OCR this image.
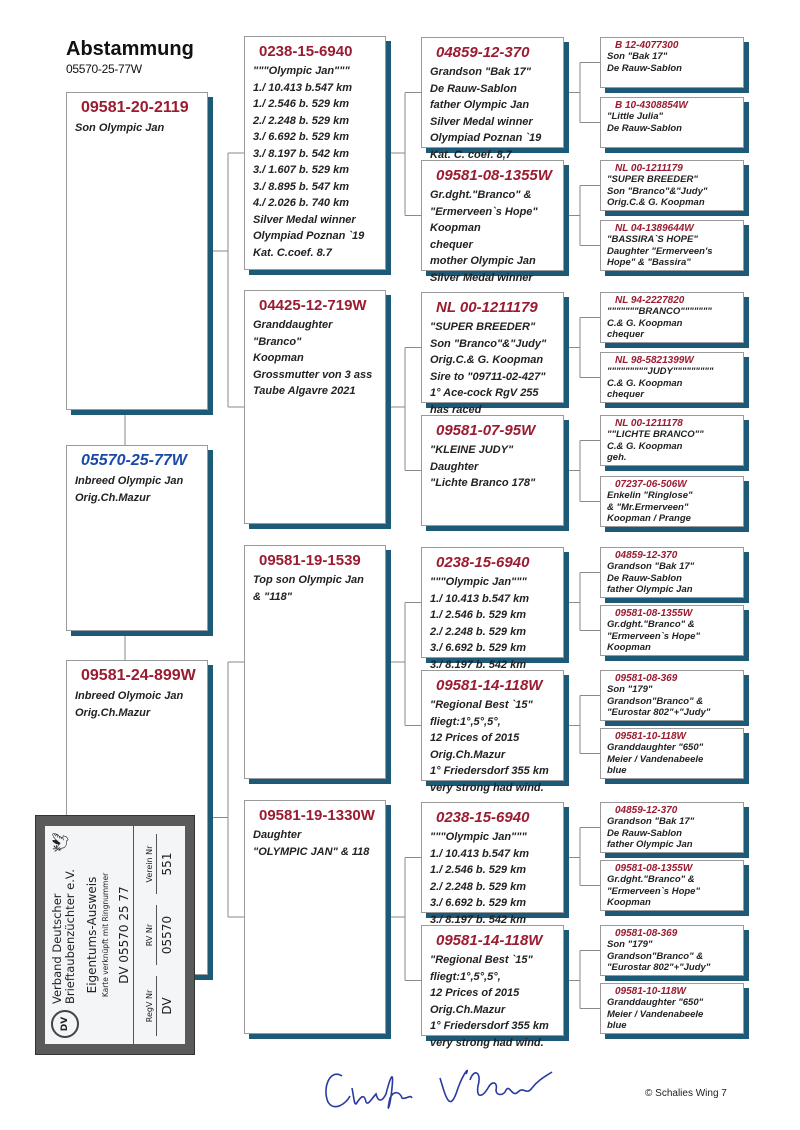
Abstammung
05570-25-77W
09581-20-2119
Son Olympic Jan
05570-25-77W
Inbreed Olympic Jan
Orig.Ch.Mazur
09581-24-899W
Inbreed Olymoic Jan
Orig.Ch.Mazur
0238-15-6940
"""Olympic Jan"""
1./ 10.413 b.547 km
1./ 2.546 b. 529 km
2./ 2.248 b. 529 km
3./ 6.692 b. 529 km
3./ 8.197 b. 542 km
3./ 1.607 b. 529 km
3./ 8.895 b. 547 km
4./ 2.026 b. 740 km
Silver Medal winner
Olympiad Poznan `19
Kat. C.coef. 8.7
04425-12-719W
Granddaughter
"Branco"
Koopman
Grossmutter von 3 ass
Taube Algavre 2021
09581-19-1539
Top son Olympic Jan
& "118"
09581-19-1330W
Daughter
"OLYMPIC JAN" & 118
04859-12-370
Grandson "Bak 17"
De Rauw-Sablon
father Olympic Jan
Silver Medal winner
Olympiad Poznan `19
Kat. C. coef. 8,7
09581-08-1355W
Gr.dght."Branco" &
"Ermerveen`s Hope"
Koopman
chequer
mother Olympic Jan
Silver Medal winner
NL 00-1211179
"SUPER BREEDER"
Son "Branco"&"Judy"
Orig.C.& G. Koopman
Sire to "09711-02-427"
1° Ace-cock RgV 255
has raced
09581-07-95W
"KLEINE JUDY"
Daughter
"Lichte Branco 178"
0238-15-6940
"""Olympic Jan"""
1./ 10.413 b.547 km
1./ 2.546 b. 529 km
2./ 2.248 b. 529 km
3./ 6.692 b. 529 km
3./ 8.197 b. 542 km
09581-14-118W
"Regional Best `15"
fliegt:1°,5°,5°,
12 Prices of 2015
Orig.Ch.Mazur
1° Friedersdorf 355 km
very strong had wind.
0238-15-6940
"""Olympic Jan"""
1./ 10.413 b.547 km
1./ 2.546 b. 529 km
2./ 2.248 b. 529 km
3./ 6.692 b. 529 km
3./ 8.197 b. 542 km
09581-14-118W
"Regional Best `15"
fliegt:1°,5°,5°,
12 Prices of 2015
Orig.Ch.Mazur
1° Friedersdorf 355 km
very strong had wind.
B 12-4077300
Son "Bak 17"
De Rauw-Sablon
B 10-4308854W
"Little Julia"
De Rauw-Sablon
NL 00-1211179
"SUPER BREEDER"
Son "Branco"&"Judy"
Orig.C.& G. Koopman
NL 04-1389644W
"BASSIRA`S HOPE"
Daughter "Ermerveen's
Hope" & "Bassira"
NL 94-2227820
"""""""BRANCO"""""""
C.& G. Koopman
chequer
NL 98-5821399W
"""""""""JUDY"""""""""
C.& G. Koopman
chequer
NL 00-1211178
""LICHTE BRANCO""
C.& G. Koopman
geh.
07237-06-506W
Enkelin "Ringlose"
& "Mr.Ermerveen"
Koopman / Prange
04859-12-370
Grandson "Bak 17"
De Rauw-Sablon
father Olympic Jan
09581-08-1355W
Gr.dght."Branco" &
"Ermerveen`s Hope"
Koopman
09581-08-369
Son "179"
Grandson"Branco" &
"Eurostar 802"+"Judy"
09581-10-118W
Granddaughter "650"
Meier / Vandenabeele
blue
04859-12-370
Grandson "Bak 17"
De Rauw-Sablon
father Olympic Jan
09581-08-1355W
Gr.dght."Branco" &
"Ermerveen`s Hope"
Koopman
09581-08-369
Son "179"
Grandson"Branco" &
"Eurostar 802"+"Judy"
09581-10-118W
Granddaughter "650"
Meier / Vandenabeele
blue
DV
Verband Deutscher Brieftaubenzüchter e.V.
🕊
Eigentums-Ausweis Karte verknüpft mit Ringnummer DV 05570 25 77
RegV Nr DV
RV Nr 05570
Verein Nr 551
© Schalies Wing 7
